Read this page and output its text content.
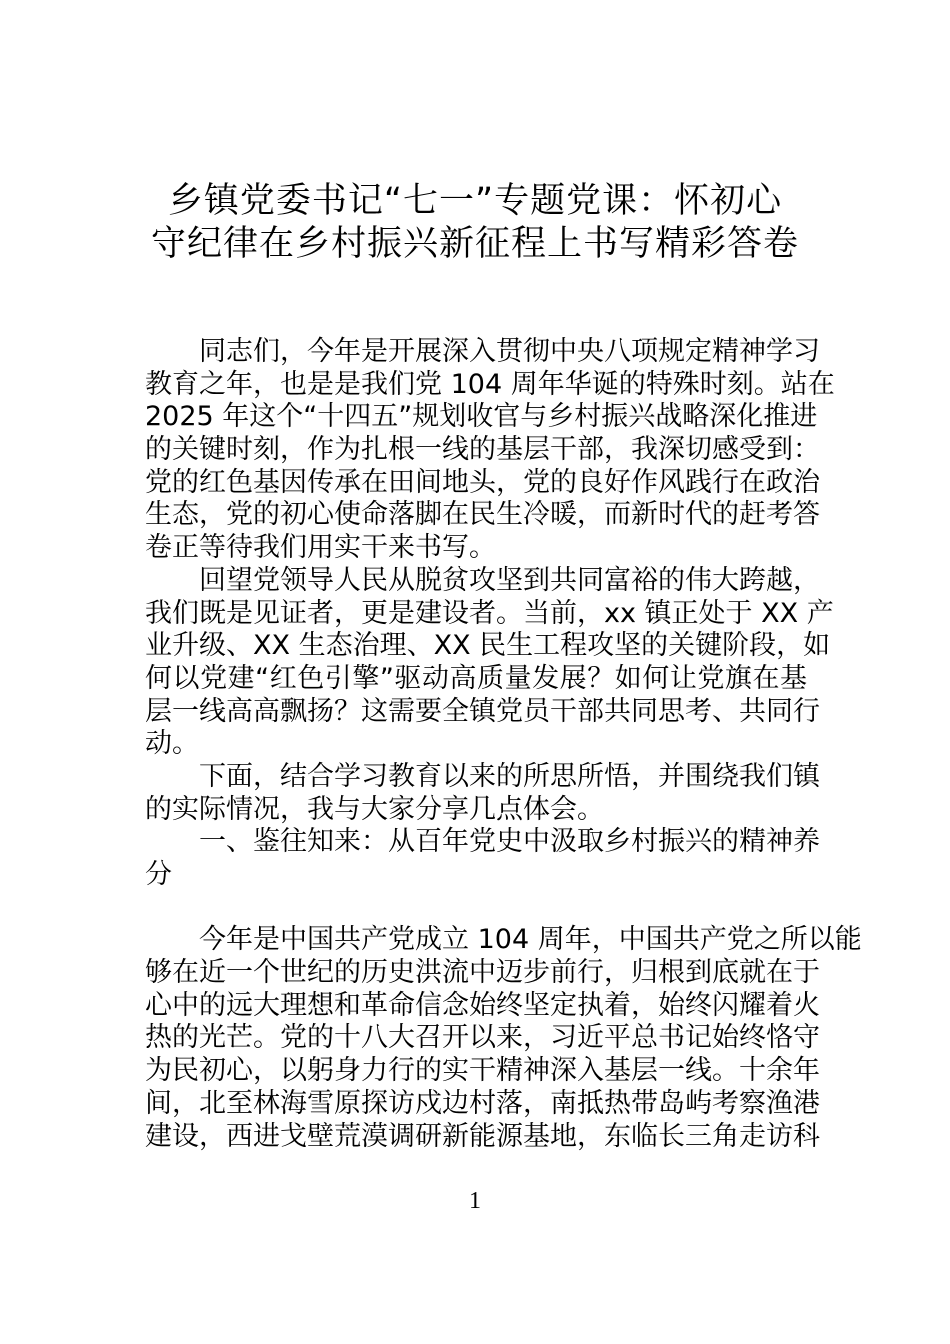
乡镇党委书记“七一”专题党课：怀初心
守纪律在乡村振兴新征程上书写精彩答卷
同志们，今年是开展深入贯彻中央八项规定精神学习
教育之年，也是是我们党 104 周年华诞的特殊时刻。站在
2025 年这个“十四五”规划收官与乡村振兴战略深化推进
的关键时刻，作为扎根一线的基层干部，我深切感受到：
党的红色基因传承在田间地头，党的良好作风践行在政治
生态，党的初心使命落脚在民生冷暖，而新时代的赶考答
卷正等待我们用实干来书写。
回望党领导人民从脱贫攻坚到共同富裕的伟大跨越，
我们既是见证者，更是建设者。当前，xx 镇正处于 XX 产
业升级、XX 生态治理、XX 民生工程攻坚的关键阶段，如
何以党建“红色引擎”驱动高质量发展？如何让党旗在基
层一线高高飘扬？这需要全镇党员干部共同思考、共同行
动。
下面，结合学习教育以来的所思所悟，并围绕我们镇
的实际情况，我与大家分享几点体会。
一、鉴往知来：从百年党史中汲取乡村振兴的精神养
分
今年是中国共产党成立 104 周年，中国共产党之所以能
够在近一个世纪的历史洪流中迈步前行，归根到底就在于
心中的远大理想和革命信念始终坚定执着，始终闪耀着火
热的光芒。党的十八大召开以来，习近平总书记始终恪守
为民初心，以躬身力行的实干精神深入基层一线。十余年
间，北至林海雪原探访戍边村落，南抵热带岛屿考察渔港
建设，西进戈壁荒漠调研新能源基地，东临长三角走访科
1
